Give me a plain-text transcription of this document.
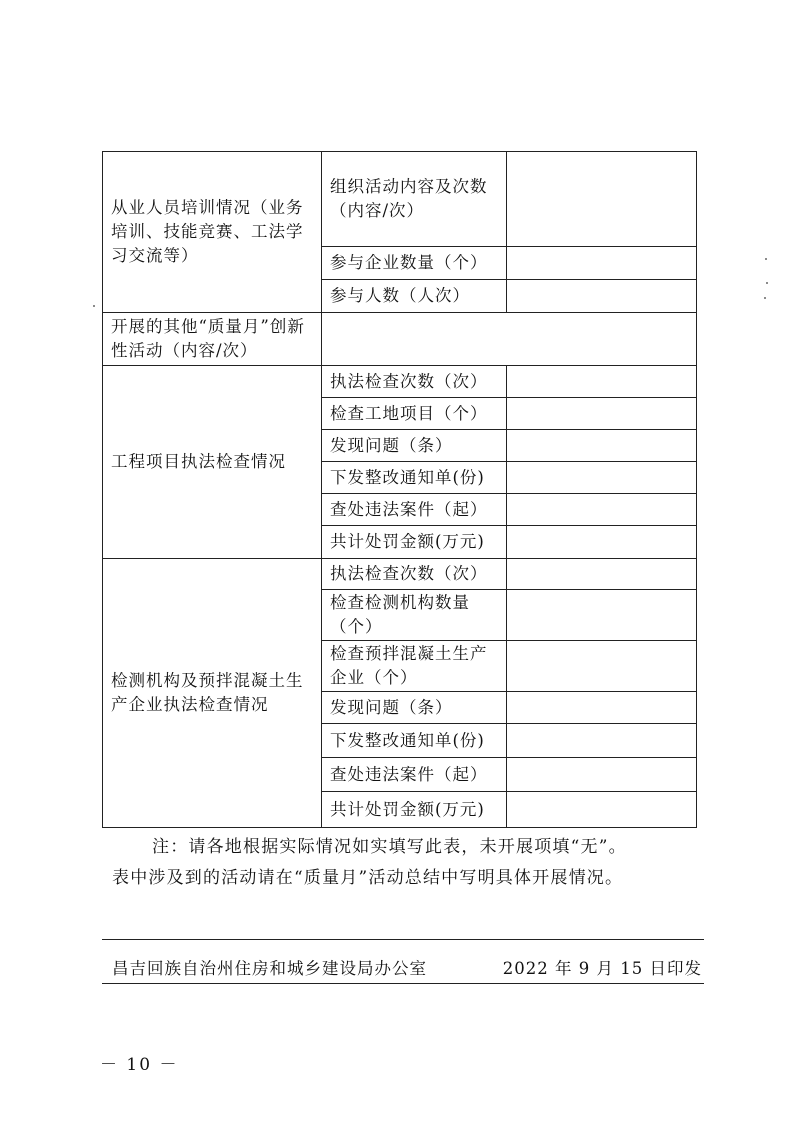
从业人员培训情况（业务培训、技能竞赛、工法学习交流等）	组织活动内容及次数（内容/次）	
	参与企业数量（个）	
	参与人数（人次）	
开展的其他“质量月”创新性活动（内容/次）		
工程项目执法检查情况	执法检查次数（次）	
	检查工地项目（个）	
	发现问题（条）	
	下发整改通知单(份)	
	查处违法案件（起）	
	共计处罚金额(万元)	
检测机构及预拌混凝土生产企业执法检查情况	执法检查次数（次）	
	检查检测机构数量（个）	
	检查预拌混凝土生产企业（个）	
	发现问题（条）	
	下发整改通知单(份)	
	查处违法案件（起）	
	共计处罚金额(万元)	
注：请各地根据实际情况如实填写此表，未开展项填“无”。
表中涉及到的活动请在“质量月”活动总结中写明具体开展情况。
昌吉回族自治州住房和城乡建设局办公室	2022 年 9 月 15 日印发
－ 10 －
